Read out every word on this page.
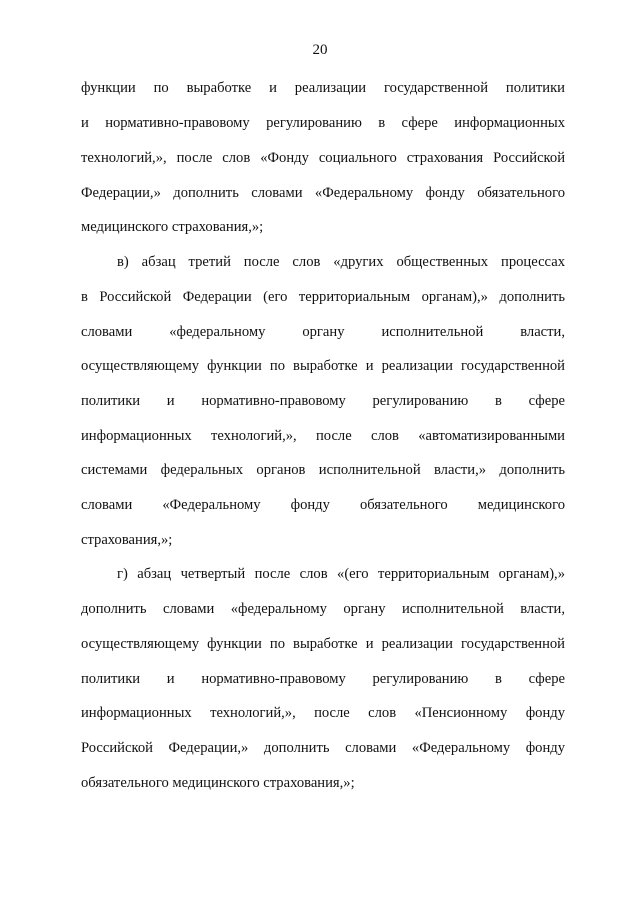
20
функции по выработке и реализации государственной политики
и нормативно-правовому регулированию в сфере информационных
технологий,», после слов «Фонду социального страхования Российской
Федерации,» дополнить словами «Федеральному фонду обязательного
медицинского страхования,»;
в) абзац третий после слов «других общественных процессах
в Российской Федерации (его территориальным органам),» дополнить
словами «федеральному органу исполнительной власти,
осуществляющему функции по выработке и реализации государственной
политики и нормативно-правовому регулированию в сфере
информационных технологий,», после слов «автоматизированными
системами федеральных органов исполнительной власти,» дополнить
словами «Федеральному фонду обязательного медицинского
страхования,»;
г) абзац четвертый после слов «(его территориальным органам),»
дополнить словами «федеральному органу исполнительной власти,
осуществляющему функции по выработке и реализации государственной
политики и нормативно-правовому регулированию в сфере
информационных технологий,», после слов «Пенсионному фонду
Российской Федерации,» дополнить словами «Федеральному фонду
обязательного медицинского страхования,»;
